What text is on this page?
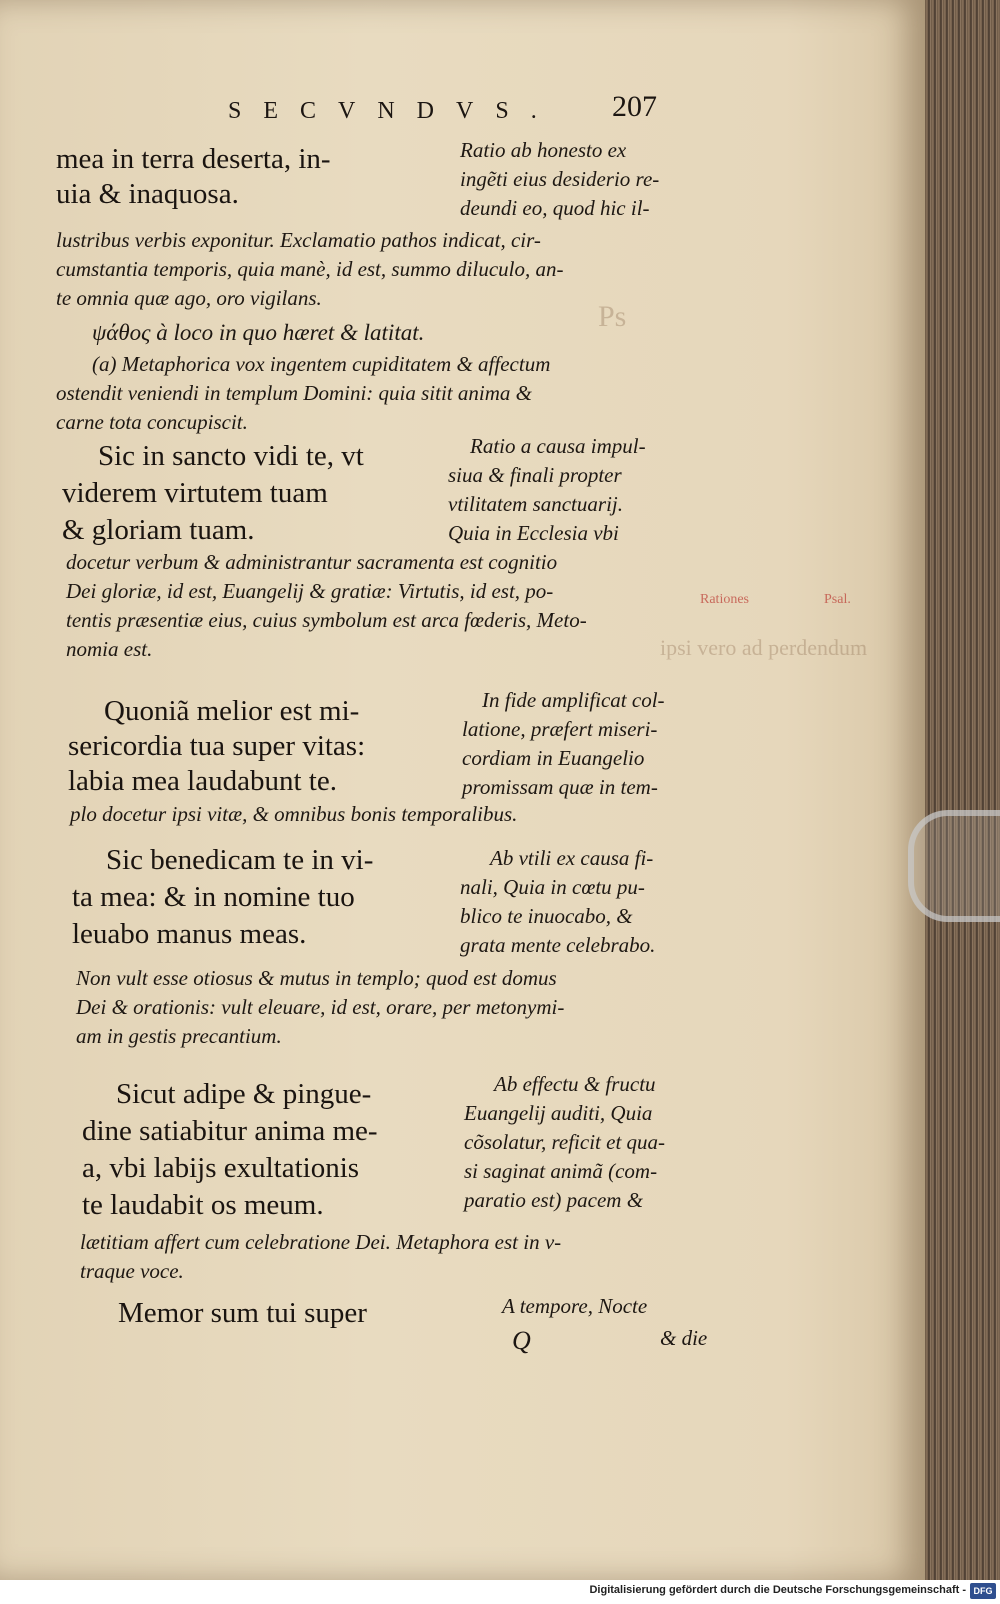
Ps
ipsi vero ad perdendum
Rationes	Psal.
SECVNDVS. 207
mea in terra deserta, in-
uia & inaquosa.
Ratio ab honesto ex
ingẽti eius desiderio re-
deundi eo, quod hic il-
lustribus verbis exponitur. Exclamatio pathos indicat, cir-
cumstantia temporis, quia manè, id est, summo diluculo, an-
te omnia quæ ago, oro vigilans.
ψάθος à loco in quo hæret & latitat.
(a) Metaphorica vox ingentem cupiditatem & affectum
ostendit veniendi in templum Domini: quia sitit anima &
carne tota concupiscit.
Sic in sancto vidi te, vt
viderem virtutem tuam
& gloriam tuam.
Ratio a causa impul-
siua & finali propter
vtilitatem sanctuarij.
Quia in Ecclesia vbi
docetur verbum & administrantur sacramenta est cognitio
Dei gloriæ, id est, Euangelij & gratiæ: Virtutis, id est, po-
tentis præsentiæ eius, cuius symbolum est arca fœderis, Meto-
nomia est.
Quoniã melior est mi-
sericordia tua super vitas:
labia mea laudabunt te.
In fide amplificat col-
latione, præfert miseri-
cordiam in Euangelio
promissam quæ in tem-
plo docetur ipsi vitæ, & omnibus bonis temporalibus.
Sic benedicam te in vi-
ta mea: & in nomine tuo
leuabo manus meas.
Ab vtili ex causa fi-
nali, Quia in cœtu pu-
blico te inuocabo, &
grata mente celebrabo.
Non vult esse otiosus & mutus in templo; quod est domus
Dei & orationis: vult eleuare, id est, orare, per metonymi-
am in gestis precantium.
Sicut adipe & pingue-
dine satiabitur anima me-
a, vbi labijs exultationis
te laudabit os meum.
Ab effectu & fructu
Euangelij auditi, Quia
cõsolatur, reficit et qua-
si saginat animã (com-
paratio est) pacem &
lætitiam affert cum celebratione Dei. Metaphora est in v-
traque voce.
Memor sum tui super	A tempore, Nocte
Q	& die
Digitalisierung gefördert durch die Deutsche Forschungsgemeinschaft - DFG
